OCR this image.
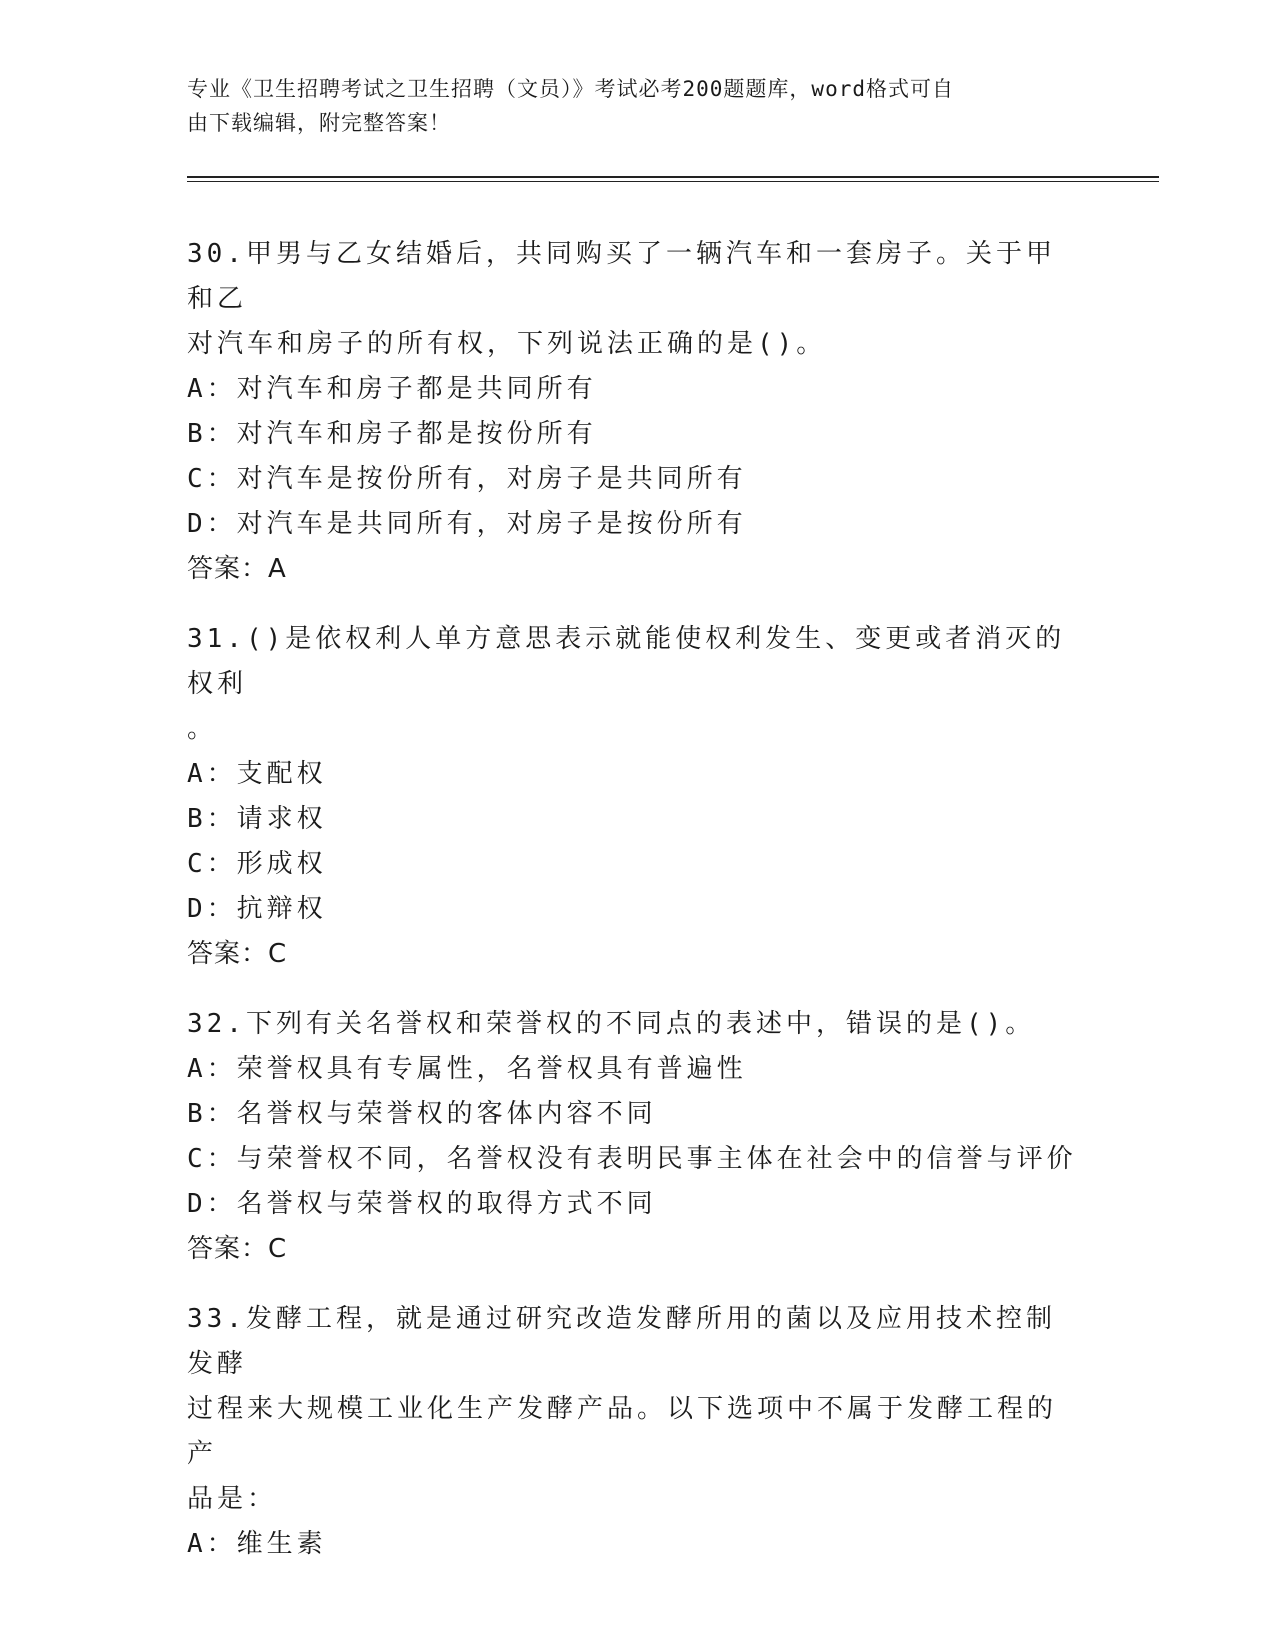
专业《卫生招聘考试之卫生招聘（文员）》考试必考200题题库，word格式可自
由下载编辑，附完整答案！
30.甲男与乙女结婚后，共同购买了一辆汽车和一套房子。关于甲和乙
对汽车和房子的所有权，下列说法正确的是()。
A：对汽车和房子都是共同所有
B：对汽车和房子都是按份所有
C：对汽车是按份所有，对房子是共同所有
D：对汽车是共同所有，对房子是按份所有
答案：A
31.()是依权利人单方意思表示就能使权利发生、变更或者消灭的权利
。
A：支配权
B：请求权
C：形成权
D：抗辩权
答案：C
32.下列有关名誉权和荣誉权的不同点的表述中，错误的是()。
A：荣誉权具有专属性，名誉权具有普遍性
B：名誉权与荣誉权的客体内容不同
C：与荣誉权不同，名誉权没有表明民事主体在社会中的信誉与评价
D：名誉权与荣誉权的取得方式不同
答案：C
33.发酵工程，就是通过研究改造发酵所用的菌以及应用技术控制发酵
过程来大规模工业化生产发酵产品。以下选项中不属于发酵工程的产
品是：
A：维生素
